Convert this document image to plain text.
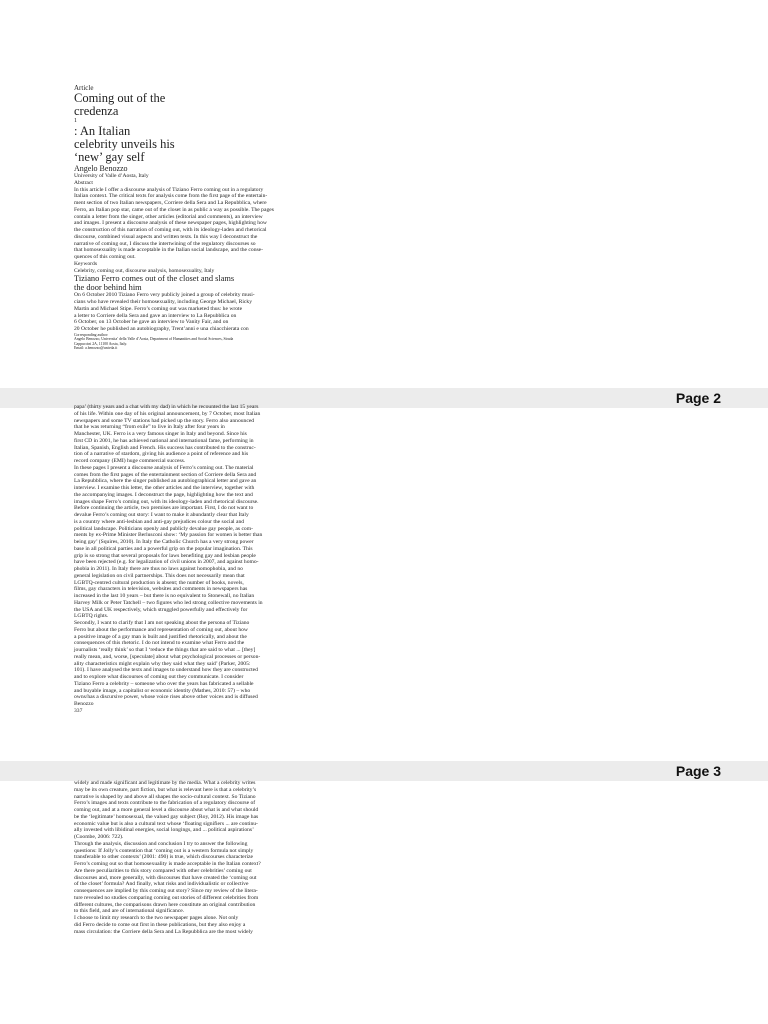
Article

Coming out of the

credenza

1

: An Italian

celebrity unveils his

‘new’ gay self

Angelo Benozzo

University of Valle d’Aosta, Italy

Abstract

In this article I offer a discourse analysis of Tiziano Ferro coming out in a regulatory

Italian context. The critical texts for analysis come from the first page of the entertain-

ment section of two Italian newspapers, Corriere della Sera and La Repubblica, where

Ferro, an Italian pop star, came out of the closet in as public a way as possible. The pages

contain a letter from the singer, other articles (editorial and comments), an interview

and images. I present a discourse analysis of these newspaper pages, highlighting how

the construction of this narration of coming out, with its ideology-laden and rhetorical

discourse, combined visual aspects and written texts. In this way I deconstruct the

narrative of coming out, I discuss the intertwining of the regulatory discourses so

that homosexuality is made acceptable in the Italian social landscape, and the conse-

quences of this coming out.

Keywords

Celebrity, coming out, discourse analysis, homosexuality, Italy

Tiziano Ferro comes out of the closet and slams

the door behind him

On 6 October 2010 Tiziano Ferro very publicly joined a group of celebrity musi-

cians who have revealed their homosexuality, including George Michael, Ricky

Martin and Michael Stipe. Ferro’s coming out was marketed thus: he wrote

a letter to Corriere della Sera and gave an interview to La Repubblica on

6 October, on 13 October he gave an interview to Vanity Fair, and on

20 October he published an autobiography, Trent’anni e una chiacchierata con

Corresponding author:

Angelo Benozzo, Universita’ della Valle d’Aosta, Department of Humanities and Social Sciences, Strada

Cappuccini 2A, 11100 Aosta, Italy.

Email: a.benozzo@univda.it

Page 2

papa’ (thirty years and a chat with my dad) in which he recounted the last 15 years

of his life. Within one day of his original announcement, by 7 October, most Italian

newspapers and some TV stations had picked up the story. Ferro also announced

that he was returning “from exile” to live in Italy after four years in

Manchester, UK. Ferro is a very famous singer in Italy and beyond. Since his

first CD in 2001, he has achieved national and international fame, performing in

Italian, Spanish, English and French. His success has contributed to the construc-

tion of a narrative of stardom, giving his audience a point of reference and his

record company (EMI) huge commercial success.

In these pages I present a discourse analysis of Ferro’s coming out. The material

comes from the first pages of the entertainment section of Corriere della Sera and

La Repubblica, where the singer published an autobiographical letter and gave an

interview. I examine this letter, the other articles and the interview, together with

the accompanying images. I deconstruct the page, highlighting how the text and

images shape Ferro’s coming out, with its ideology-laden and rhetorical discourse.

Before continuing the article, two premises are important. First, I do not want to

devalue Ferro’s coming out story: I want to make it abundantly clear that Italy

is a country where anti-lesbian and anti-gay prejudices colour the social and

political landscape. Politicians openly and publicly devalue gay people, as com-

ments by ex-Prime Minister Berlusconi show: ‘My passion for women is better than

being gay’ (Squires, 2010). In Italy the Catholic Church has a very strong power

base in all political parties and a powerful grip on the popular imagination. This

grip is so strong that several proposals for laws benefiting gay and lesbian people

have been rejected (e.g. for legalization of civil unions in 2007, and against homo-

phobia in 2011). In Italy there are thus no laws against homophobia, and no

general legislation on civil partnerships. This does not necessarily mean that

LGBTQ-centred cultural production is absent; the number of books, novels,

films, gay characters in television, websites and comments in newspapers has

increased in the last 10 years – but there is no equivalent to Stonewall, no Italian

Harvey Milk or Peter Tatchell – two figures who led strong collective movements in

the USA and UK respectively, which struggled powerfully and effectively for

LGBTQ rights.

Secondly, I want to clarify that I am not speaking about the persona of Tiziano

Ferro but about the performance and representation of coming out, about how

a positive image of a gay man is built and justified rhetorically, and about the

consequences of this rhetoric. I do not intend to examine what Ferro and the

journalists ‘really think’ so that I ‘reduce the things that are said to what ... [they]

really mean, and, worse, [speculate] about what psychological processes or person-

ality characteristics might explain why they said what they said’ (Parker, 2005:

101). I have analysed the texts and images to understand how they are constructed

and to explore what discourses of coming out they communicate. I consider

Tiziano Ferro a celebrity – someone who over the years has fabricated a sellable

and buyable image, a capitalist or economic identity (Mathes, 2010: 57) – who

owns/has a discursive power, whose voice rises above other voices and is diffused

Benozzo

337

Page 3

widely and made significant and legitimate by the media. What a celebrity writes

may be its own creature, part fiction, but what is relevant here is that a celebrity’s

narrative is shaped by and above all shapes the socio-cultural context. So Tiziano

Ferro’s images and texts contribute to the fabrication of a regulatory discourse of

coming out, and at a more general level a discourse about what is and what should

be the ‘legitimate’ homosexual, the valued gay subject (Roy, 2012). His image has

economic value but is also a cultural text whose ‘floating signifiers ... are continu-

ally invested with libidinal energies, social longings, and ... political aspirations’

(Coombe, 2006: 722).

Through the analysis, discussion and conclusion I try to answer the following

questions: If Jolly’s contention that ‘coming out is a western formula not simply

transferable to other contexts’ (2001: 490) is true, which discourses characterize

Ferro’s coming out so that homosexuality is made acceptable in the Italian context?

Are there peculiarities to this story compared with other celebrities’ coming out

discourses and, more generally, with discourses that have created the ‘coming out

of the closet’ formula? And finally, what risks and individualistic or collective

consequences are implied by this coming out story? Since my review of the litera-

ture revealed no studies comparing coming out stories of different celebrities from

different cultures, the comparisons drawn here constitute an original contribution

to this field, and are of international significance.

I choose to limit my research to the two newspaper pages alone. Not only

did Ferro decide to come out first in these publications, but they also enjoy a

mass circulation: the Corriere della Sera and La Repubblica are the most widely
